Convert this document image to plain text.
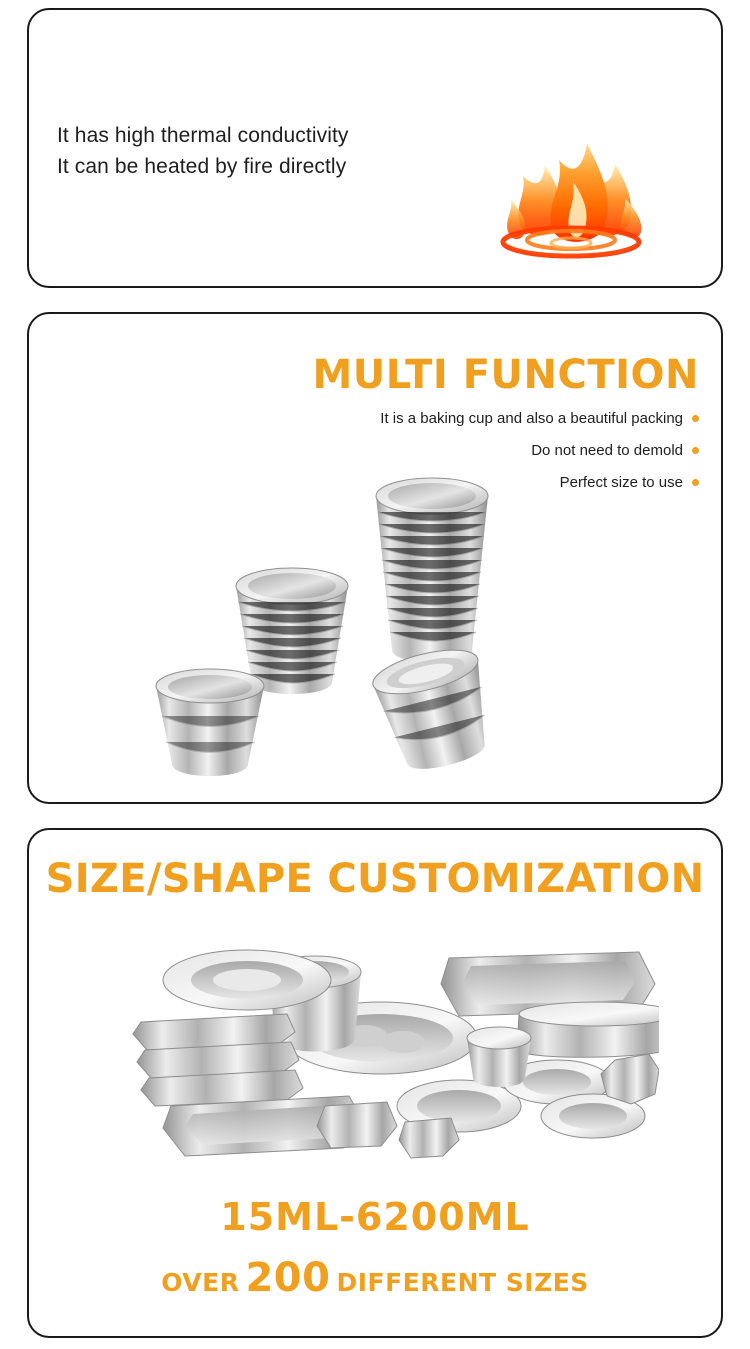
It has high thermal conductivity
It can be heated by fire directly
MULTI FUNCTION
It is a baking cup and also a beautiful packing
Do not need to demold
Perfect size to use
SIZE/SHAPE CUSTOMIZATION
15ML-6200ML
OVER 200 DIFFERENT SIZES
